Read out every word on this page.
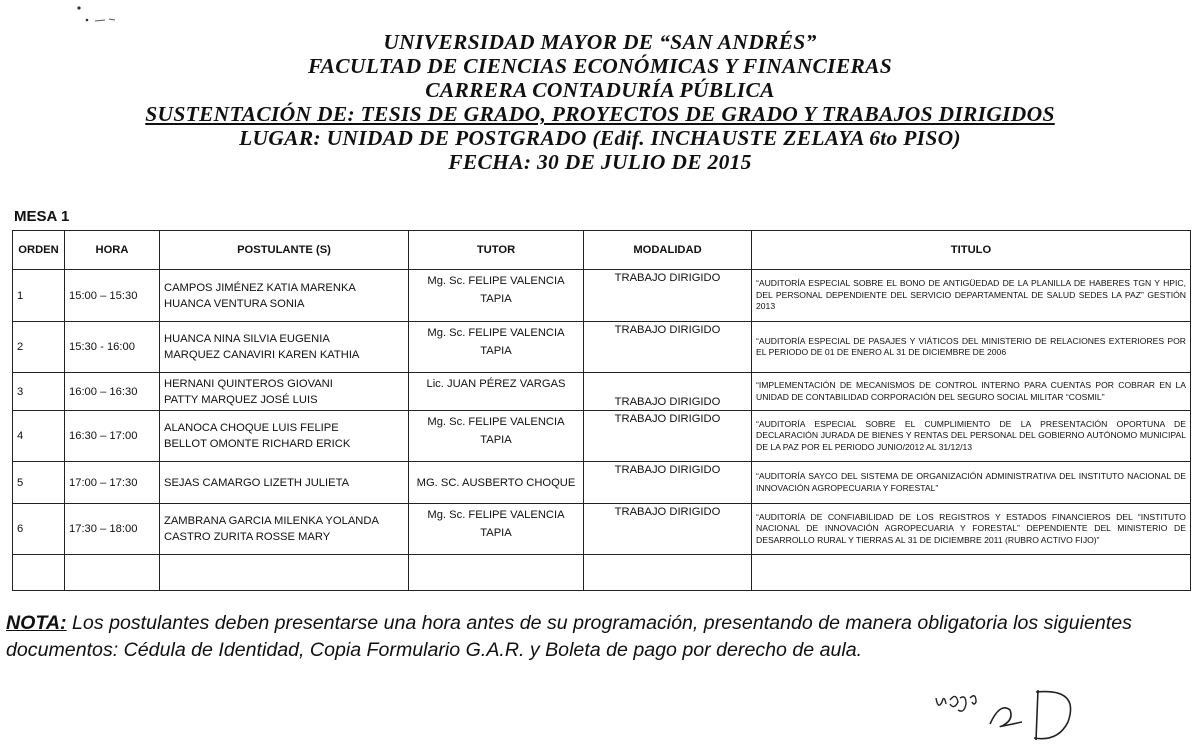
UNIVERSIDAD MAYOR DE “SAN ANDRÉS”
FACULTAD DE CIENCIAS ECONÓMICAS Y FINANCIERAS
CARRERA CONTADURÍA PÚBLICA
SUSTENTACIÓN DE: TESIS DE GRADO, PROYECTOS DE GRADO Y TRABAJOS DIRIGIDOS
LUGAR: UNIDAD DE POSTGRADO (Edif. INCHAUSTE ZELAYA 6to PISO)
FECHA: 30 DE JULIO DE 2015
MESA 1
ORDEN	HORA	POSTULANTE (S)	TUTOR	MODALIDAD	TITULO
1	15:00 – 15:30	CAMPOS JIMÉNEZ KATIA MARENKA
HUANCA VENTURA SONIA	Mg. Sc. FELIPE VALENCIA
TAPIA	TRABAJO DIRIGIDO	“AUDITORÍA ESPECIAL SOBRE EL BONO DE ANTIGÜEDAD DE LA PLANILLA DE HABERES TGN Y HPIC, DEL PERSONAL DEPENDIENTE DEL SERVICIO DEPARTAMENTAL DE SALUD SEDES LA PAZ” GESTIÓN 2013
2	15:30 - 16:00	HUANCA NINA SILVIA EUGENIA
MARQUEZ CANAVIRI KAREN KATHIA	Mg. Sc. FELIPE VALENCIA
TAPIA	TRABAJO DIRIGIDO	“AUDITORÍA ESPECIAL DE PASAJES Y VIÁTICOS DEL MINISTERIO DE RELACIONES EXTERIORES POR EL PERIODO DE 01 DE ENERO AL 31 DE DICIEMBRE DE 2006
3	16:00 – 16:30	HERNANI QUINTEROS GIOVANI
PATTY MARQUEZ JOSÉ LUIS	Lic. JUAN PÉREZ VARGAS	TRABAJO DIRIGIDO	“IMPLEMENTACIÓN DE MECANISMOS DE CONTROL INTERNO PARA CUENTAS POR COBRAR EN LA UNIDAD DE CONTABILIDAD CORPORACIÓN DEL SEGURO SOCIAL MILITAR “COSMIL”
4	16:30 – 17:00	ALANOCA CHOQUE LUIS FELIPE
BELLOT OMONTE RICHARD ERICK	Mg. Sc. FELIPE VALENCIA
TAPIA	TRABAJO DIRIGIDO	“AUDITORÍA ESPECIAL SOBRE EL CUMPLIMIENTO DE LA PRESENTACIÓN OPORTUNA DE DECLARACIÓN JURADA DE BIENES Y RENTAS DEL PERSONAL DEL GOBIERNO AUTÓNOMO MUNICIPAL DE LA PAZ POR EL PERIODO JUNIO/2012 AL 31/12/13
5	17:00 – 17:30	SEJAS CAMARGO LIZETH JULIETA	MG. SC. AUSBERTO CHOQUE	TRABAJO DIRIGIDO	“AUDITORÍA SAYCO DEL SISTEMA DE ORGANIZACIÓN ADMINISTRATIVA DEL INSTITUTO NACIONAL DE INNOVACIÓN AGROPECUARIA Y FORESTAL”
6	17:30 – 18:00	ZAMBRANA GARCIA MILENKA YOLANDA
CASTRO ZURITA ROSSE MARY	Mg. Sc. FELIPE VALENCIA
TAPIA	TRABAJO DIRIGIDO	“AUDITORÍA DE CONFIABILIDAD DE LOS REGISTROS Y ESTADOS FINANCIEROS DEL “INSTITUTO NACIONAL DE INNOVACIÓN AGROPECUARIA Y FORESTAL” DEPENDIENTE DEL MINISTERIO DE DESARROLLO RURAL Y TIERRAS AL 31 DE DICIEMBRE 2011 (RUBRO ACTIVO FIJO)”

NOTA: Los postulantes deben presentarse una hora antes de su programación, presentando de manera obligatoria los siguientes documentos: Cédula de Identidad, Copia Formulario G.A.R. y Boleta de pago por derecho de aula.
